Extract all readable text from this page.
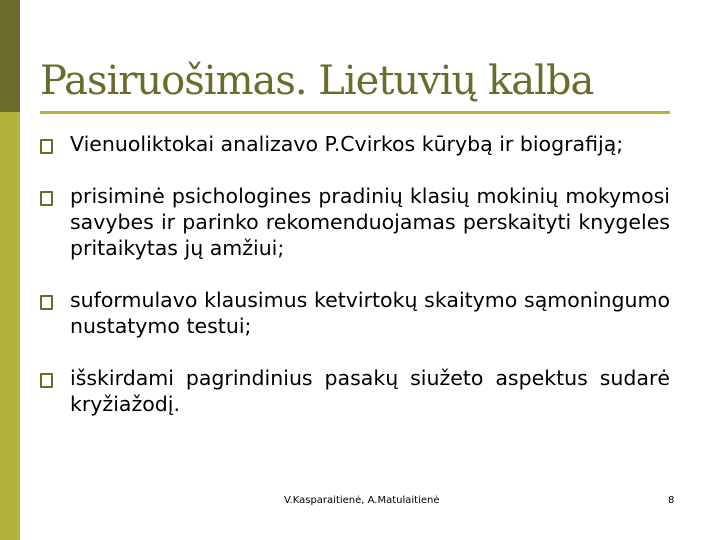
Pasiruošimas. Lietuvių kalba
Vienuoliktokai analizavo P.Cvirkos kūrybą ir biografiją;
prisiminė psichologines pradinių klasių mokinių mokymosi savybes ir parinko rekomenduojamas perskaityti knygeles pritaikytas jų amžiui;
suformulavo klausimus ketvirtokų skaitymo sąmoningumo nustatymo testui;
išskirdami pagrindinius pasakų siužeto aspektus sudarė kryžiažodį.
V.Kasparaitienė, A.Matulaitienė	8
